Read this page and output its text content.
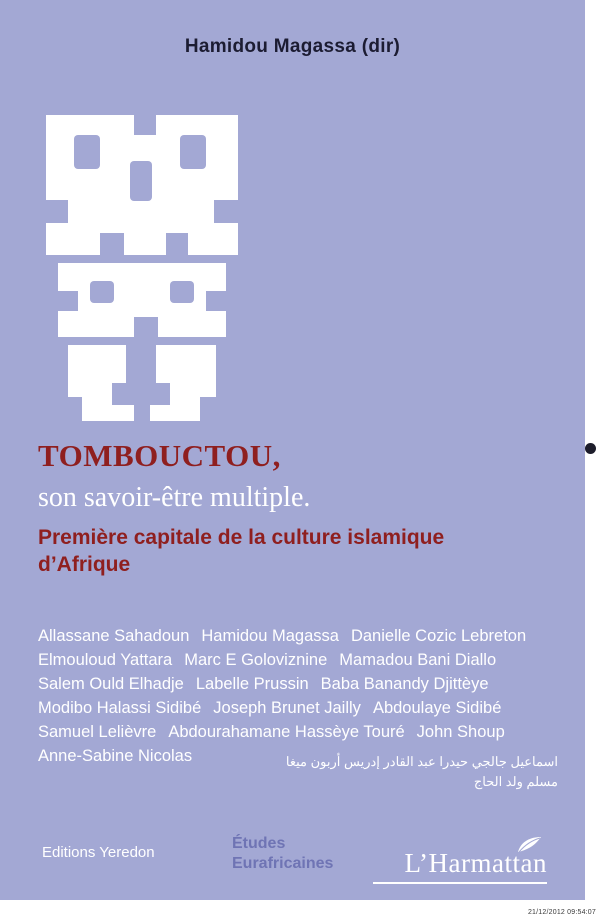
Hamidou Magassa (dir)
TOMBOUCTOU,
son savoir-être multiple.
Première capitale de la culture islamique
d’Afrique
Allassane Sahadoun Hamidou Magassa Danielle Cozic Lebreton
Elmouloud Yattara Marc E Goloviznine Mamadou Bani Diallo
Salem Ould Elhadje Labelle Prussin Baba Banandy Djittèye
Modibo Halassi Sidibé Joseph Brunet Jailly Abdoulaye Sidibé
Samuel Lelièvre Abdourahamane Hassèye Touré John Shoup
Anne-Sabine Nicolas	اسماعيل جالجي حيدرا عبد القادر إدريس أربون ميغا
مسلم ولد الحاج
Editions Yeredon
Études
Eurafricaines	L’Harmattan
21/12/2012 09:54:07
